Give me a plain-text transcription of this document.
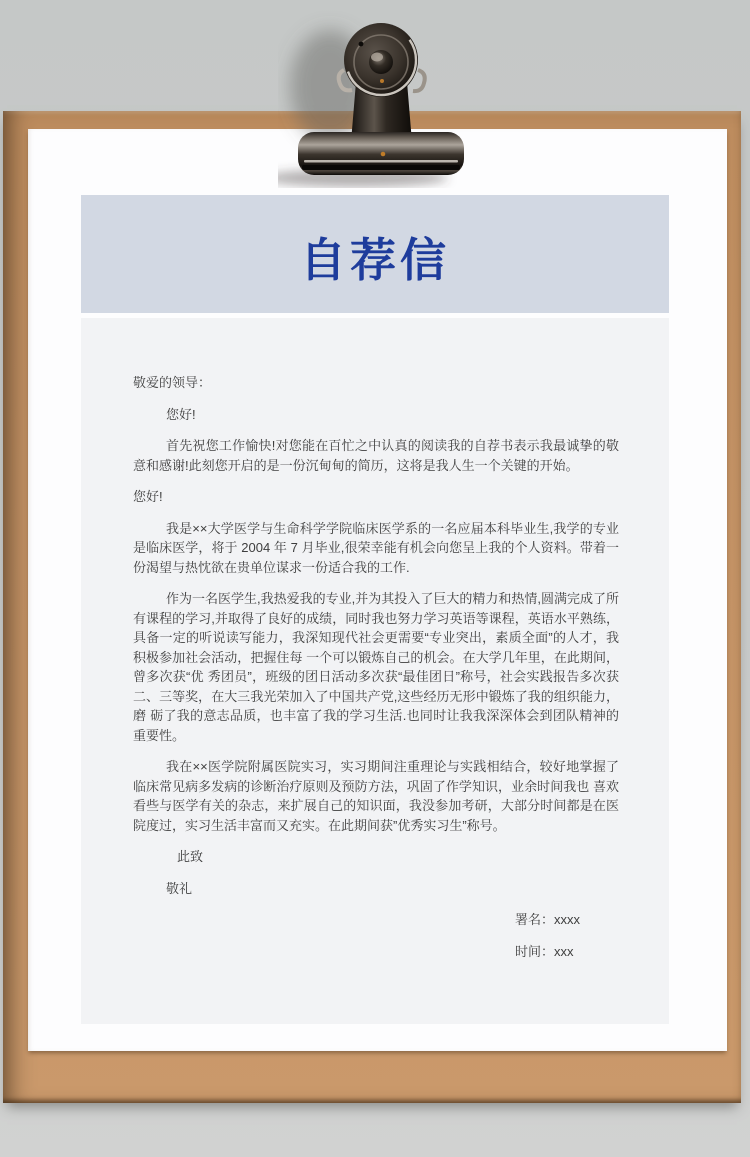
自荐信

敬爱的领导：

您好!

首先祝您工作愉快!对您能在百忙之中认真的阅读我的自荐书表示我最诚挚的敬意和感谢!此刻您开启的是一份沉甸甸的简历，这将是我人生一个关键的开始。

您好!

我是××大学医学与生命科学学院临床医学系的一名应届本科毕业生,我学的专业是临床医学，将于 2004 年 7 月毕业,很荣幸能有机会向您呈上我的个人资料。带着一份渴望与热忱欲在贵单位谋求一份适合我的工作.

作为一名医学生,我热爱我的专业,并为其投入了巨大的精力和热情,圆满完成了所有课程的学习,并取得了良好的成绩，同时我也努力学习英语等课程，英语水平熟练，具备一定的听说读写能力，我深知现代社会更需要“专业突出，素质全面”的人才，我积极参加社会活动，把握住每 一个可以锻炼自己的机会。在大学几年里，在此期间，曾多次获“优 秀团员”，班级的团日活动多次获“最佳团日”称号，社会实践报告多次获二、三等奖，在大三我光荣加入了中国共产党,这些经历无形中锻炼了我的组织能力，磨 砺了我的意志品质，也丰富了我的学习生活.也同时让我我深深体会到团队精神的重要性。

我在××医学院附属医院实习，实习期间注重理论与实践相结合，较好地掌握了临床常见病多发病的诊断治疗原则及预防方法，巩固了作学知识，业余时间我也 喜欢看些与医学有关的杂志，来扩展自己的知识面，我没参加考研，大部分时间都是在医院度过，实习生活丰富而又充实。在此期间获”优秀实习生”称号。

此致

敬礼

署名：xxxx

时间：xxx
